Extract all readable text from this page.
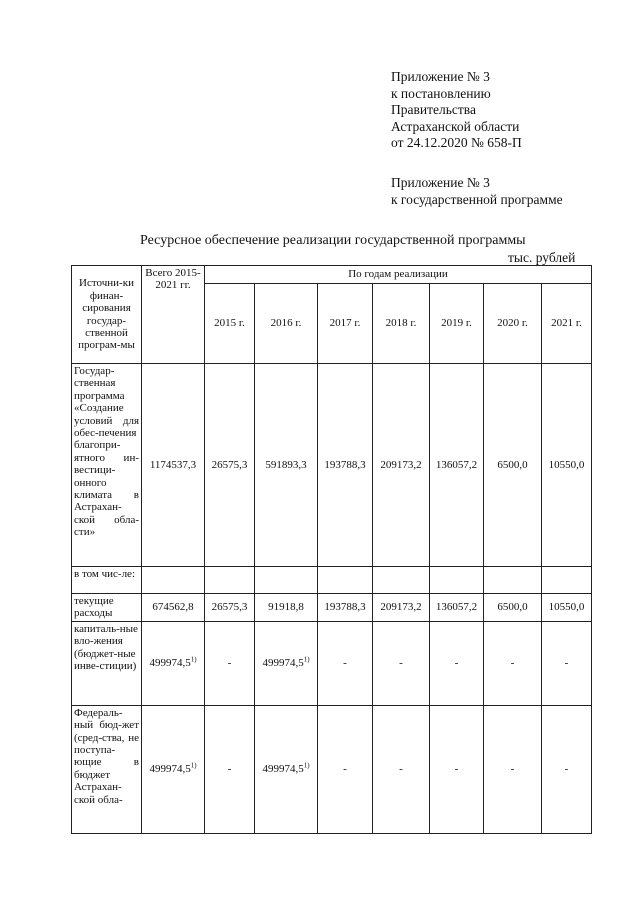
Приложение № 3
к постановлению
Правительства
Астраханской области
от 24.12.2020 № 658-П
Приложение № 3
к государственной программе
Ресурсное обеспечение реализации государственной программы
тыс. рублей
Источни-ки финан-сирования государ-ственной програм-мы	Всего 2015-2021 гг.	По годам реализации						
		2015 г.	2016 г.	2017 г.	2018 г.	2019 г.	2020 г.	2021 г.
Государ-ственная программа «Создание условий для обес-печения благопри-ятного ин-вестици-онного климата в Астрахан-ской обла-сти»	1174537,3	26575,3	591893,3	193788,3	209173,2	136057,2	6500,0	10550,0
в том чис-ле:								
текущие расходы	674562,8	26575,3	91918,8	193788,3	209173,2	136057,2	6500,0	10550,0
капиталь-ные вло-жения (бюджет-ные инве-стиции)	499974,5$^{1)}$	-	499974,5$^{1)}$	-	-	-	-	-
Федераль-ный бюд-жет (сред-ства, не поступа-ющие в бюджет Астрахан-ской обла-	499974,5$^{1)}$	-	499974,5$^{1)}$	-	-	-	-	-
